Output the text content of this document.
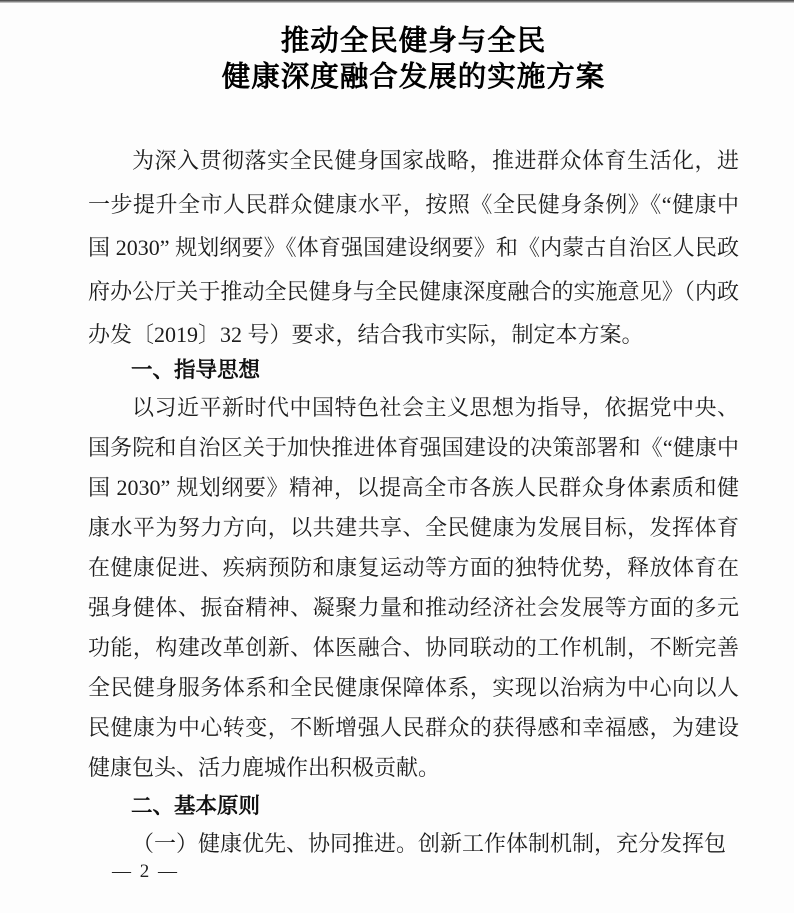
推动全民健身与全民
健康深度融合发展的实施方案

为深入贯彻落实全民健身国家战略，推进群众体育生活化，进一步提升全市人民群众健康水平，按照《全民健身条例》《“健康中国 2030” 规划纲要》《体育强国建设纲要》和《内蒙古自治区人民政府办公厅关于推动全民健身与全民健康深度融合的实施意见》（内政办发〔2019〕32 号）要求，结合我市实际，制定本方案。

一、指导思想

以习近平新时代中国特色社会主义思想为指导，依据党中央、国务院和自治区关于加快推进体育强国建设的决策部署和《“健康中国 2030” 规划纲要》精神，以提高全市各族人民群众身体素质和健康水平为努力方向，以共建共享、全民健康为发展目标，发挥体育在健康促进、疾病预防和康复运动等方面的独特优势，释放体育在强身健体、振奋精神、凝聚力量和推动经济社会发展等方面的多元功能，构建改革创新、体医融合、协同联动的工作机制，不断完善全民健身服务体系和全民健康保障体系，实现以治病为中心向以人民健康为中心转变，不断增强人民群众的获得感和幸福感，为建设健康包头、活力鹿城作出积极贡献。

二、基本原则

（一）健康优先、协同推进。创新工作体制机制，充分发挥包

— 2 —
